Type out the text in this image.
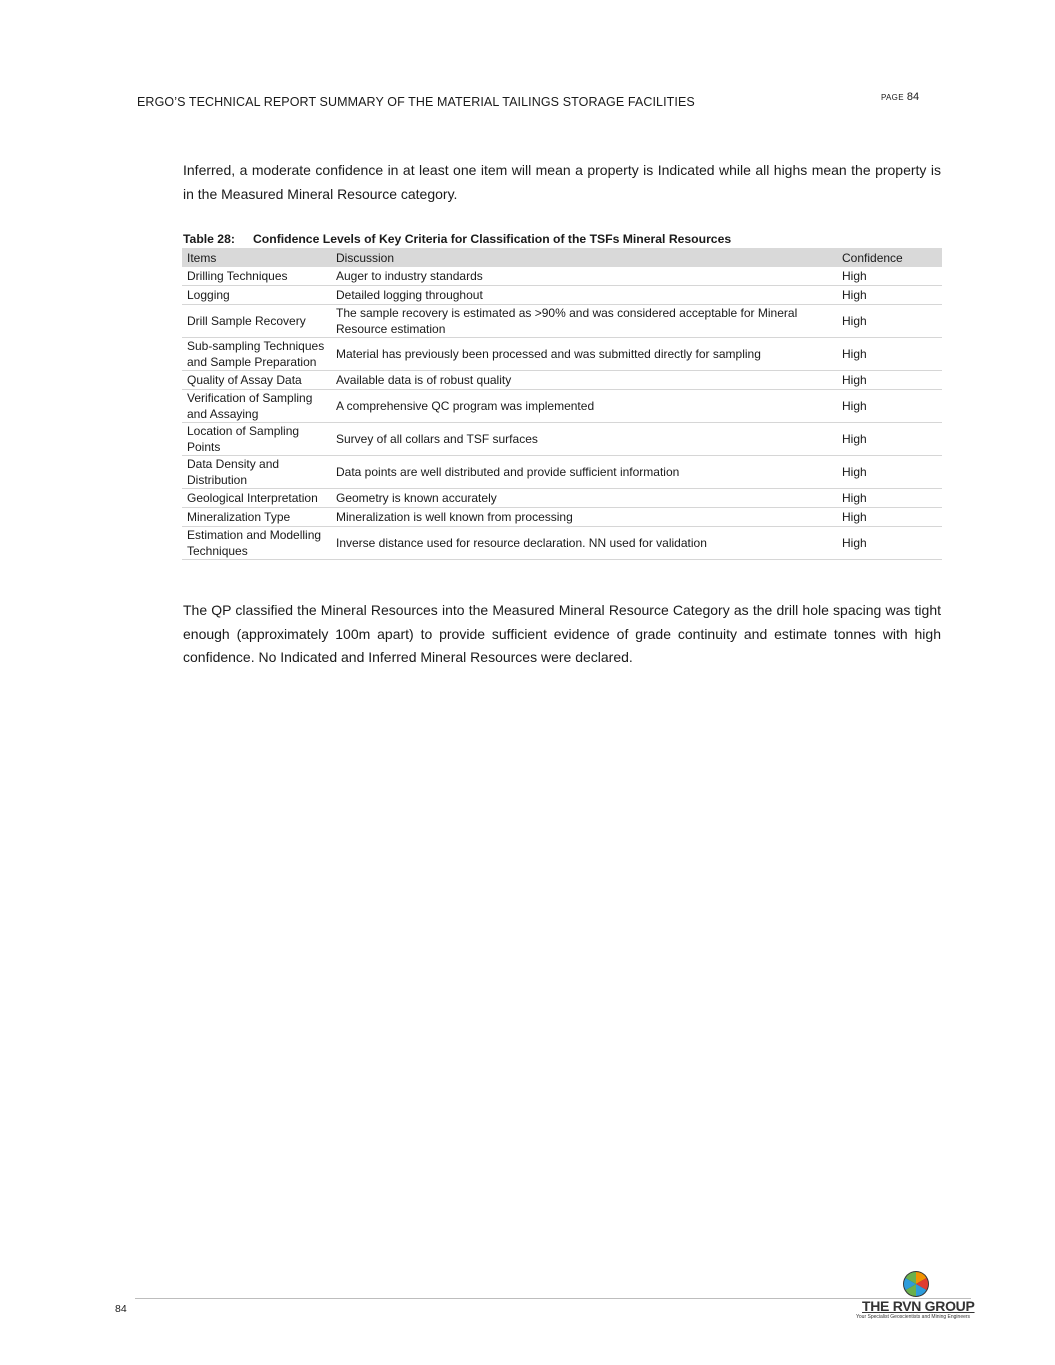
ERGO’S TECHNICAL REPORT SUMMARY OF THE MATERIAL TAILINGS STORAGE FACILITIES	PAGE 84

Inferred, a moderate confidence in at least one item will mean a property is Indicated while all highs mean the property is in the Measured Mineral Resource category.

Table 28: Confidence Levels of Key Criteria for Classification of the TSFs Mineral Resources
Items	Discussion	Confidence
Drilling Techniques	Auger to industry standards	High
Logging	Detailed logging throughout	High
Drill Sample Recovery	The sample recovery is estimated as >90% and was considered acceptable for Mineral Resource estimation	High
Sub-sampling Techniques and Sample Preparation	Material has previously been processed and was submitted directly for sampling	High
Quality of Assay Data	Available data is of robust quality	High
Verification of Sampling and Assaying	A comprehensive QC program was implemented	High
Location of Sampling Points	Survey of all collars and TSF surfaces	High
Data Density and Distribution	Data points are well distributed and provide sufficient information	High
Geological Interpretation	Geometry is known accurately	High
Mineralization Type	Mineralization is well known from processing	High
Estimation and Modelling Techniques	Inverse distance used for resource declaration. NN used for validation	High

The QP classified the Mineral Resources into the Measured Mineral Resource Category as the drill hole spacing was tight enough (approximately 100m apart) to provide sufficient evidence of grade continuity and estimate tonnes with high confidence. No Indicated and Inferred Mineral Resources were declared.

84	THE RVN GROUP
Your Specialist Geoscientists and Mining Engineers
